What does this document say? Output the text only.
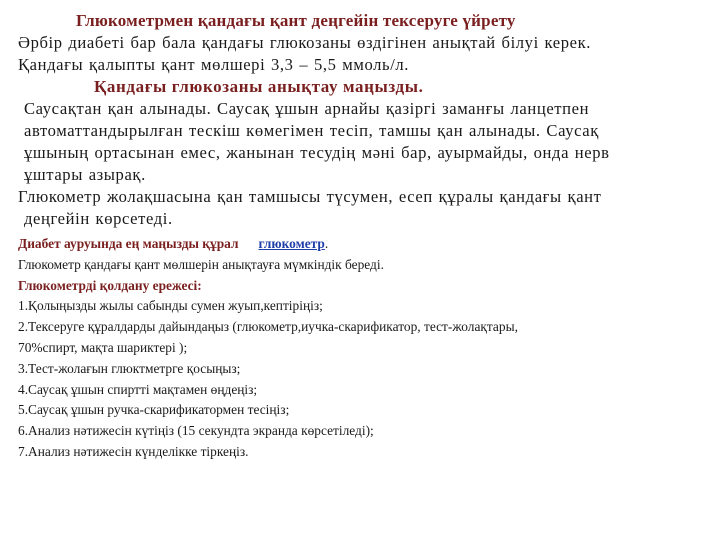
Глюкометрмен қандағы қант деңгейін тексеруге үйрету

Әрбір диабеті бар бала қандағы глюкозаны өздігінен анықтай білуі керек.

Қандағы қалыпты қант мөлшері 3,3 – 5,5 ммоль/л.

Қандағы глюкозаны анықтау маңызды.

Саусақтан қан алынады. Саусақ ұшын арнайы қазіргі заманғы ланцетпен

автоматтандырылған тескіш көмегімен тесіп, тамшы қан алынады. Саусақ

ұшының ортасынан емес, жанынан тесудің мәні бар, ауырмайды, онда нерв

ұштары азырақ.

Глюкометр жолақшасына қан тамшысы түсумен, есеп құралы қандағы қант

деңгейін көрсетеді.

Диабет ауруында ең маңызды құрал глюкометр.

Глюкометр қандағы қант мөлшерін анықтауға мүмкіндік береді.

Глюкометрді қолдану ережесі:

1.Қолыңызды жылы сабынды сумен жуып,кептіріңіз;

2.Тексеруге құралдарды дайындаңыз (глюкометр,иучка-скарификатор, тест-жолақтары,

70%спирт, мақта шариктері );

3.Тест-жолағын глюктметрге қосыңыз;

4.Саусақ ұшын спиртті мақтамен өңдеңіз;

5.Саусақ ұшын ручка-скарификатормен тесіңіз;

6.Анализ нәтижесін күтіңіз (15 секундта экранда көрсетіледі);

7.Анализ нәтижесін күнделікке тіркеңіз.
